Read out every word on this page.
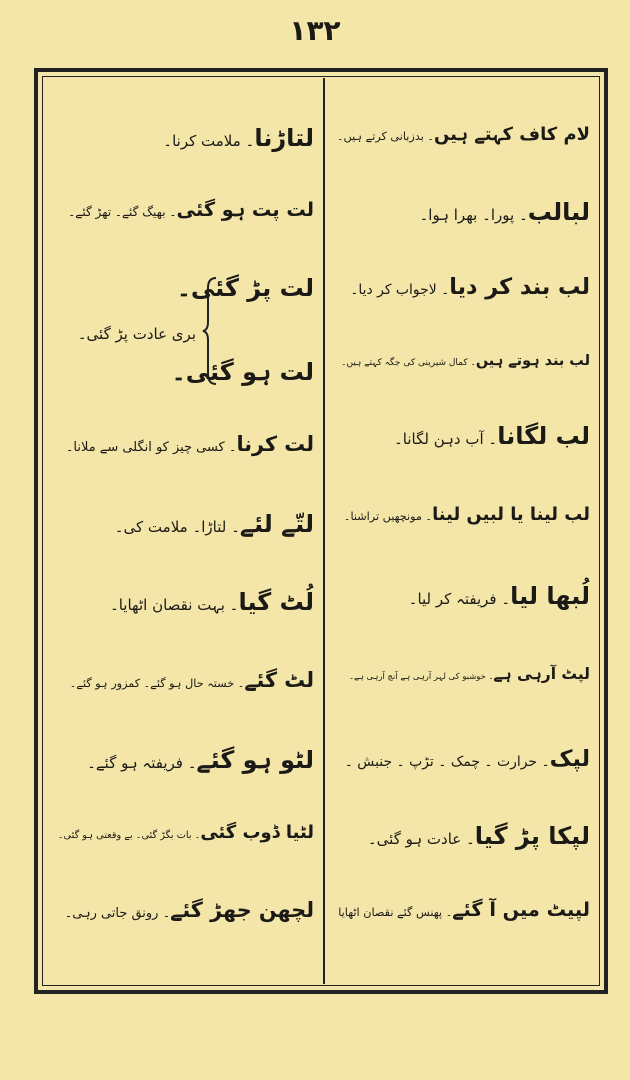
۱۳۲
لام کاف کہتے ہیں۔ بدزبانی کرتے ہیں۔
لبالب۔ پورا۔ بھرا ہوا۔
لب بند کر دیا۔ لاجواب کر دیا۔
لب بند ہوتے ہیں۔ کمال شیرینی کی جگہ کہتے ہیں۔
لب لگانا۔ آب دہن لگانا۔
لب لینا یا لبیں لینا۔ مونچھیں تراشنا۔
لُبھا لیا۔ فریفتہ کر لیا۔
لپٹ آرہی ہے۔ خوشبو کی لہر آرہی ہے آنچ آرہی ہے۔
لپک۔ حرارت ۔ چمک ۔ تڑپ ۔ جنبش ۔
لپکا پڑ گیا۔ عادت ہو گئی۔
لپیٹ میں آ گئے۔ پھنس گئے نقصان اٹھایا
لتاڑنا۔ ملامت کرنا۔
لت پت ہو گئی۔ بھیگ گئے۔ تھڑ گئے۔
لت پڑ گئی۔
لت ہو گئی۔
بری عادت پڑ گئی۔
لت کرنا۔ کسی چیز کو انگلی سے ملانا۔
لتّے لئے۔ لتاڑا۔ ملامت کی۔
لُٹ گیا۔ بہت نقصان اٹھایا۔
لٹ گئے۔ خستہ حال ہو گئے۔ کمزور ہو گئے۔
لٹو ہو گئے۔ فریفتہ ہو گئے۔
لٹیا ڈوب گئی۔ بات بگڑ گئی۔ بے وقعتی ہو گئی۔
لچھن جھڑ گئے۔ رونق جاتی رہی۔
